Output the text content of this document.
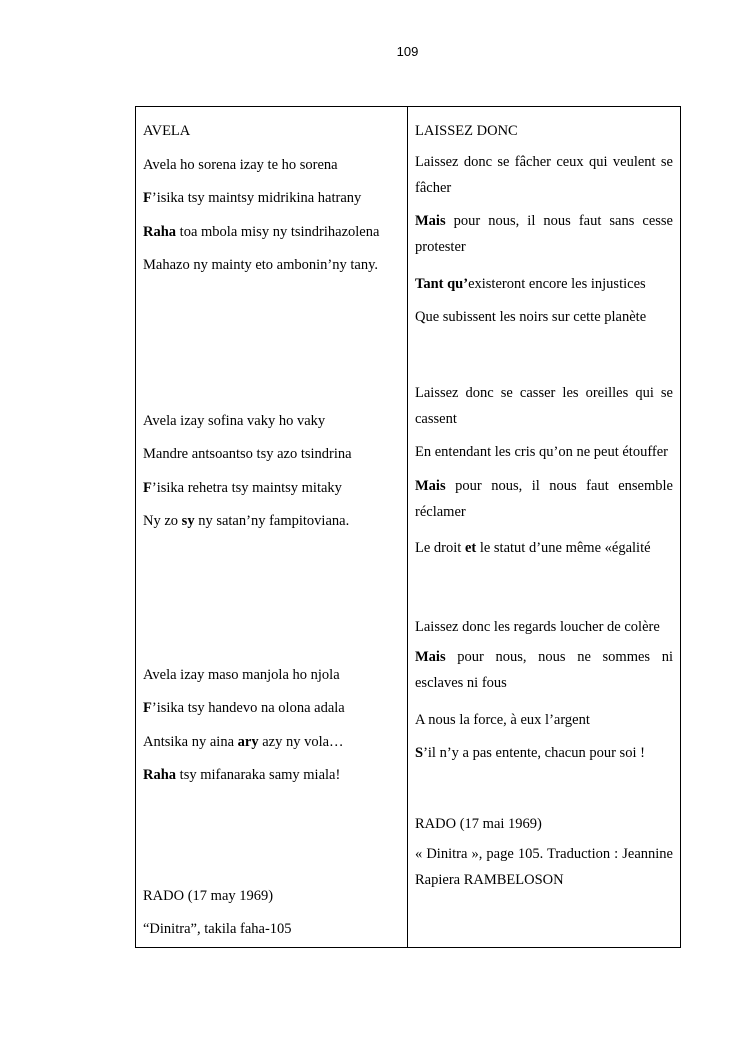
109

AVELA

Avela ho sorena izay te ho sorena

F’isika tsy maintsy midrikina hatrany

Raha toa mbola misy ny tsindrihazolena

Mahazo ny mainty eto ambonin’ny tany.

Avela izay sofina vaky ho vaky

Mandre antsoantso tsy azo tsindrina

F’isika rehetra tsy maintsy mitaky

Ny zo sy ny satan’ny fampitoviana.

Avela izay maso manjola ho njola

F’isika tsy handevo na olona adala

Antsika ny aina ary azy ny vola…

Raha tsy mifanaraka samy miala!

RADO (17 may 1969)

“Dinitra”, takila faha-105

LAISSEZ DONC

Laissez donc se fâcher ceux qui veulent se fâcher

Mais pour nous, il nous faut sans cesse protester

Tant qu’existeront encore les injustices

Que subissent les noirs sur cette planète

Laissez donc se casser les oreilles qui se cassent

En entendant les cris qu’on ne peut étouffer

Mais pour nous, il nous faut ensemble réclamer

Le droit et le statut d’une même «égalité

Laissez donc les regards loucher de colère

Mais pour nous, nous ne sommes ni esclaves ni fous

A nous la force, à eux l’argent

S’il n’y a pas entente, chacun pour soi !

RADO (17 mai 1969)

« Dinitra », page 105. Traduction : Jeannine Rapiera RAMBELOSON
